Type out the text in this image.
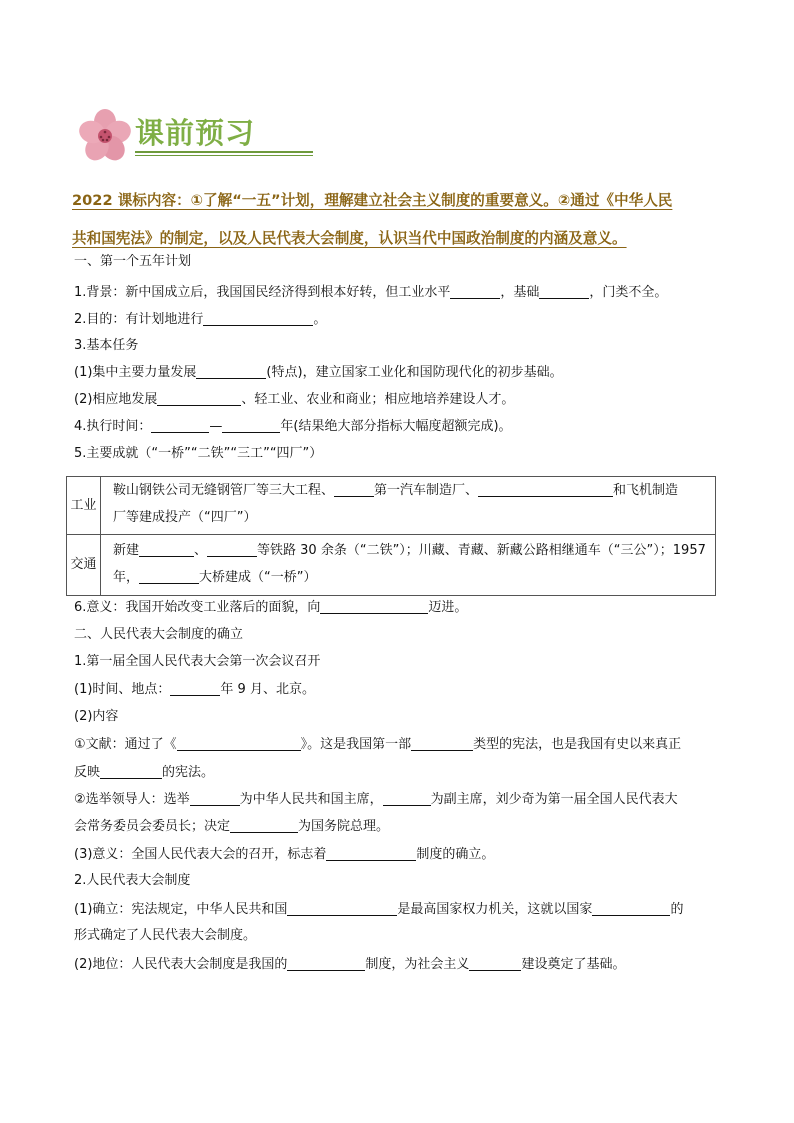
课前预习
2022 课标内容：①了解“一五”计划，理解建立社会主义制度的重要意义。②通过《中华人民
共和国宪法》的制定，以及人民代表大会制度，认识当代中国政治制度的内涵及意义。
一、第一个五年计划
1.背景：新中国成立后，我国国民经济得到根本好转，但工业水平	，基础	，门类不全。
2.目的：有计划地进行	。
3.基本任务
(1)集中主要力量发展	(特点)，建立国家工业化和国防现代化的初步基础。
(2)相应地发展	、轻工业、农业和商业；相应地培养建设人才。
4.执行时间：	—	年(结果绝大部分指标大幅度超额完成)。
5.主要成就（“一桥”“二铁”“三工”“四厂”）
工业
鞍山钢铁公司无缝钢管厂等三大工程、	第一汽车制造厂、	和飞机制造
厂等建成投产（“四厂”）
交通
新建	、	等铁路 30 余条（“二铁”）；川藏、青藏、新藏公路相继通车（“三公”）；1957
年，	大桥建成（“一桥”）
6.意义：我国开始改变工业落后的面貌，向	迈进。
二、人民代表大会制度的确立
1.第一届全国人民代表大会第一次会议召开
(1)时间、地点：	年 9 月、北京。
(2)内容
①文献：通过了《	》。这是我国第一部	类型的宪法，也是我国有史以来真正
反映	的宪法。
②选举领导人：选举	为中华人民共和国主席，	为副主席，刘少奇为第一届全国人民代表大
会常务委员会委员长；决定	为国务院总理。
(3)意义：全国人民代表大会的召开，标志着	制度的确立。
2.人民代表大会制度
(1)确立：宪法规定，中华人民共和国	是最高国家权力机关，这就以国家	的
形式确定了人民代表大会制度。
(2)地位：人民代表大会制度是我国的	制度，为社会主义	建设奠定了基础。
